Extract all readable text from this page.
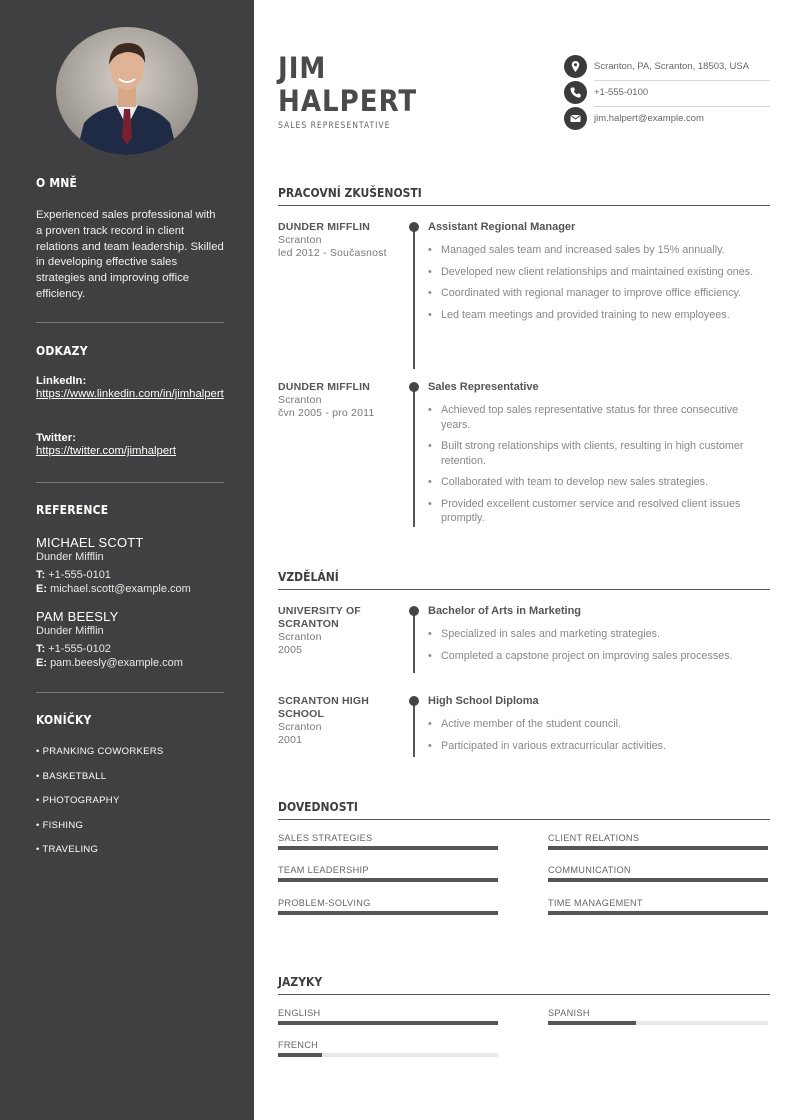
O MNĚ
Experienced sales professional with a proven track record in client relations and team leadership. Skilled in developing effective sales strategies and improving office efficiency.
ODKAZY
LinkedIn:
https://www.linkedin.com/in/jimhalpert
Twitter:
https://twitter.com/jimhalpert
REFERENCE
MICHAEL SCOTT
Dunder Mifflin
T: +1-555-0101
E: michael.scott@example.com
PAM BEESLY
Dunder Mifflin
T: +1-555-0102
E: pam.beesly@example.com
KONÍČKY
• PRANKING COWORKERS
• BASKETBALL
• PHOTOGRAPHY
• FISHING
• TRAVELING
JIM
HALPERT
SALES REPRESENTATIVE
Scranton, PA, Scranton, 18503, USA
+1-555-0100
jim.halpert@example.com
PRACOVNÍ ZKUŠENOSTI
DUNDER MIFFLIN
Scranton
led 2012 - Současnost
Assistant Regional Manager
• Managed sales team and increased sales by 15% annually.
• Developed new client relationships and maintained existing ones.
• Coordinated with regional manager to improve office efficiency.
• Led team meetings and provided training to new employees.
DUNDER MIFFLIN
Scranton
čvn 2005 - pro 2011
Sales Representative
• Achieved top sales representative status for three consecutive years.
• Built strong relationships with clients, resulting in high customer retention.
• Collaborated with team to develop new sales strategies.
• Provided excellent customer service and resolved client issues promptly.
VZDĚLÁNÍ
UNIVERSITY OF SCRANTON
Scranton
2005
Bachelor of Arts in Marketing
• Specialized in sales and marketing strategies.
• Completed a capstone project on improving sales processes.
SCRANTON HIGH SCHOOL
Scranton
2001
High School Diploma
• Active member of the student council.
• Participated in various extracurricular activities.
DOVEDNOSTI
SALES STRATEGIES	CLIENT RELATIONS
TEAM LEADERSHIP	COMMUNICATION
PROBLEM-SOLVING	TIME MANAGEMENT
JAZYKY
ENGLISH	SPANISH
FRENCH
